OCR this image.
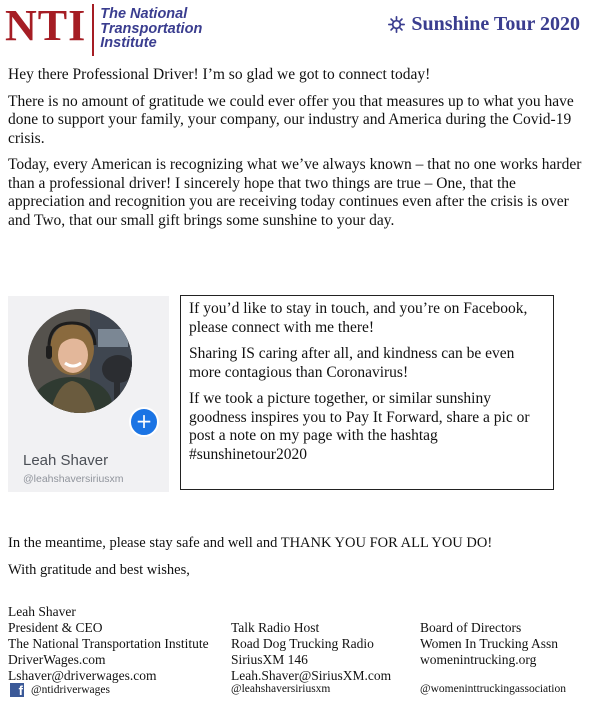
NTI The National
Transportation
Institute
Sunshine Tour 2020

Hey there Professional Driver! I’m so glad we got to connect today!

There is no amount of gratitude we could ever offer you that measures up to what you have done to support your family, your company, our industry and America during the Covid-19 crisis.

Today, every American is recognizing what we’ve always known – that no one works harder than a professional driver! I sincerely hope that two things are true – One, that the appreciation and recognition you are receiving today continues even after the crisis is over and Two, that our small gift brings some sunshine to your day.

+
Leah Shaver
@leahshaversiriusxm

If you’d like to stay in touch, and you’re on Facebook, please connect with me there!

Sharing IS caring after all, and kindness can be even more contagious than Coronavirus!

If we took a picture together, or similar sunshiny goodness inspires you to Pay It Forward, share a pic or post a note on my page with the hashtag #sunshinetour2020

In the meantime, please stay safe and well and THANK YOU FOR ALL YOU DO!

With gratitude and best wishes,

Leah Shaver
President & CEO
The National Transportation Institute
DriverWages.com
Lshaver@driverwages.com
Talk Radio Host
Road Dog Trucking Radio
SiriusXM 146
Leah.Shaver@SiriusXM.com
Board of Directors
Women In Trucking Assn
womenintrucking.org
f @ntidriverwages	@leahshaversiriusxm	@womeninttruckingassociation
